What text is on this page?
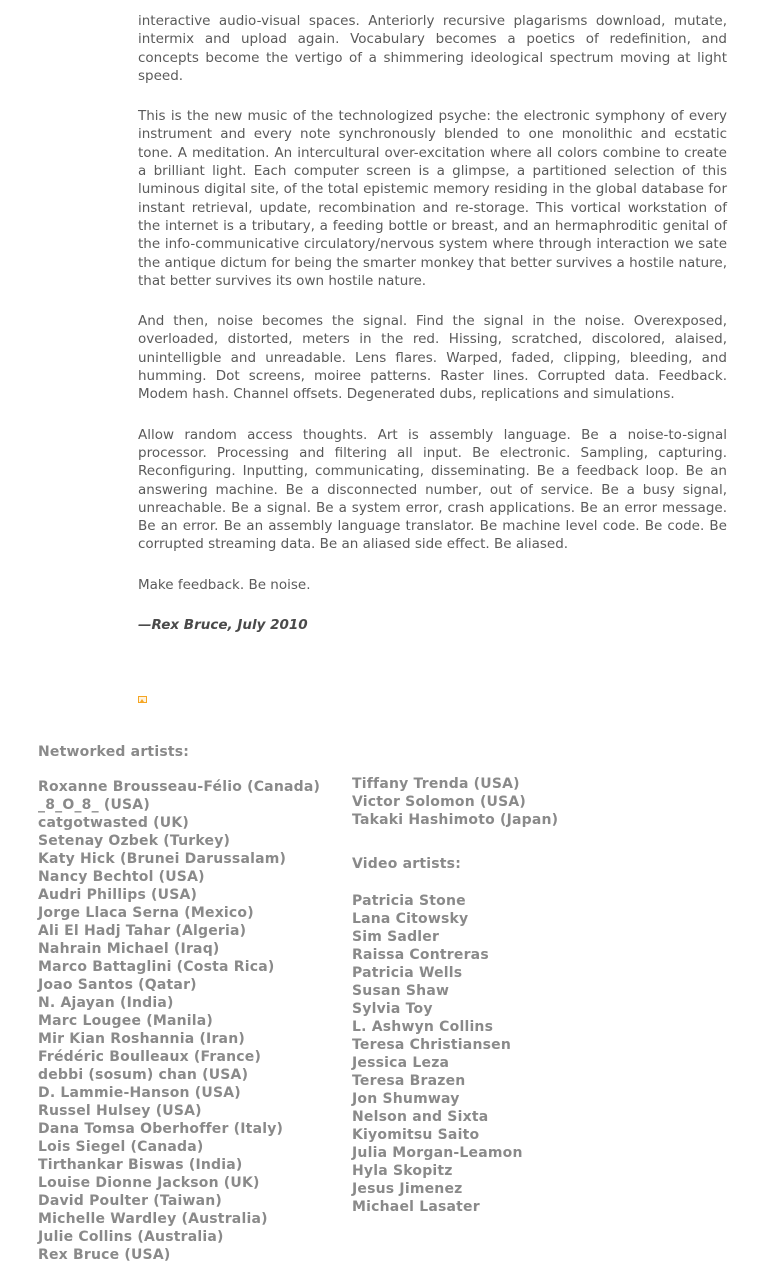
interactive audio-visual spaces. Anteriorly recursive plagarisms download, mutate, intermix and upload again. Vocabulary becomes a poetics of redefinition, and concepts become the vertigo of a shimmering ideological spectrum moving at light speed.
This is the new music of the technologized psyche: the electronic symphony of every instrument and every note synchronously blended to one monolithic and ecstatic tone. A meditation. An intercultural over-excitation where all colors combine to create a brilliant light. Each computer screen is a glimpse, a partitioned selection of this luminous digital site, of the total epistemic memory residing in the global database for instant retrieval, update, recombination and re-storage. This vortical workstation of the internet is a tributary, a feeding bottle or breast, and an hermaphroditic genital of the info-communicative circulatory/nervous system where through interaction we sate the antique dictum for being the smarter monkey that better survives a hostile nature, that better survives its own hostile nature.
And then, noise becomes the signal. Find the signal in the noise. Overexposed, overloaded, distorted, meters in the red. Hissing, scratched, discolored, alaised, unintelligble and unreadable. Lens flares. Warped, faded, clipping, bleeding, and humming. Dot screens, moiree patterns. Raster lines. Corrupted data. Feedback. Modem hash. Channel offsets. Degenerated dubs, replications and simulations.
Allow random access thoughts. Art is assembly language. Be a noise-to-signal processor. Processing and filtering all input. Be electronic. Sampling, capturing. Reconfiguring. Inputting, communicating, disseminating. Be a feedback loop. Be an answering machine. Be a disconnected number, out of service. Be a busy signal, unreachable. Be a signal. Be a system error, crash applications. Be an error message. Be an error. Be an assembly language translator. Be machine level code. Be code. Be corrupted streaming data. Be an aliased side effect. Be aliased.
Make feedback. Be noise.

—Rex Bruce, July 2010

Networked artists:

Roxanne Brousseau-Félio (Canada)
_8_O_8_ (USA)
catgotwasted (UK)
Setenay Ozbek (Turkey)
Katy Hick (Brunei Darussalam)
Nancy Bechtol (USA)
Audri Phillips (USA)
Jorge Llaca Serna (Mexico)
Ali El Hadj Tahar (Algeria)
Nahrain Michael (Iraq)
Marco Battaglini (Costa Rica)
Joao Santos (Qatar)
N. Ajayan (India)
Marc Lougee (Manila)
Mir Kian Roshannia (Iran)
Frédéric Boulleaux (France)
debbi (sosum) chan (USA)
D. Lammie-Hanson (USA)
Russel Hulsey (USA)
Dana Tomsa Oberhoffer (Italy)
Lois Siegel (Canada)
Tirthankar Biswas (India)
Louise Dionne Jackson (UK)
David Poulter (Taiwan)
Michelle Wardley (Australia)
Julie Collins (Australia)
Rex Bruce (USA)
Tiffany Trenda (USA)
Victor Solomon (USA)
Takaki Hashimoto (Japan)

Video artists:

Patricia Stone
Lana Citowsky
Sim Sadler
Raissa Contreras
Patricia Wells
Susan Shaw
Sylvia Toy
L. Ashwyn Collins
Teresa Christiansen
Jessica Leza
Teresa Brazen
Jon Shumway
Nelson and Sixta
Kiyomitsu Saito
Julia Morgan-Leamon
Hyla Skopitz
Jesus Jimenez
Michael Lasater
